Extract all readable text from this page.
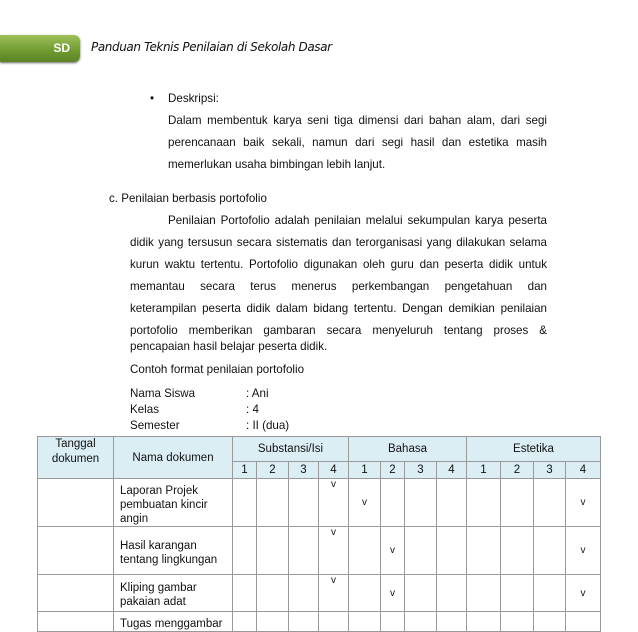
SD Panduan Teknis Penilaian di Sekolah Dasar
• Deskripsi:
Dalam membentuk karya seni tiga dimensi dari bahan alam, dari segi
perencanaan baik sekali, namun dari segi hasil dan estetika masih
memerlukan usaha bimbingan lebih lanjut.
c. Penilaian berbasis portofolio
Penilaian Portofolio adalah penilaian melalui sekumpulan karya peserta
didik yang tersusun secara sistematis dan terorganisasi yang dilakukan selama
kurun waktu tertentu. Portofolio digunakan oleh guru dan peserta didik untuk
memantau secara terus menerus perkembangan pengetahuan dan
keterampilan peserta didik dalam bidang tertentu. Dengan demikian penilaian
portofolio memberikan gambaran secara menyeluruh tentang proses &
pencapaian hasil belajar peserta didik.
Contoh format penilaian portofolio
Nama Siswa	: Ani
Kelas	: 4
Semester	: II (dua)
Tanggal dokumen	Nama dokumen	Substansi/Isi				Bahasa				Estetika			
		1	2	3	4	1	2	3	4	1	2	3	4
	Laporan Projek pembuatan kincir angin				v	v							v
	Hasil karangan tentang lingkungan				v		v						v
	Kliping gambar pakaian adat				v		v						v
	Tugas menggambar												
